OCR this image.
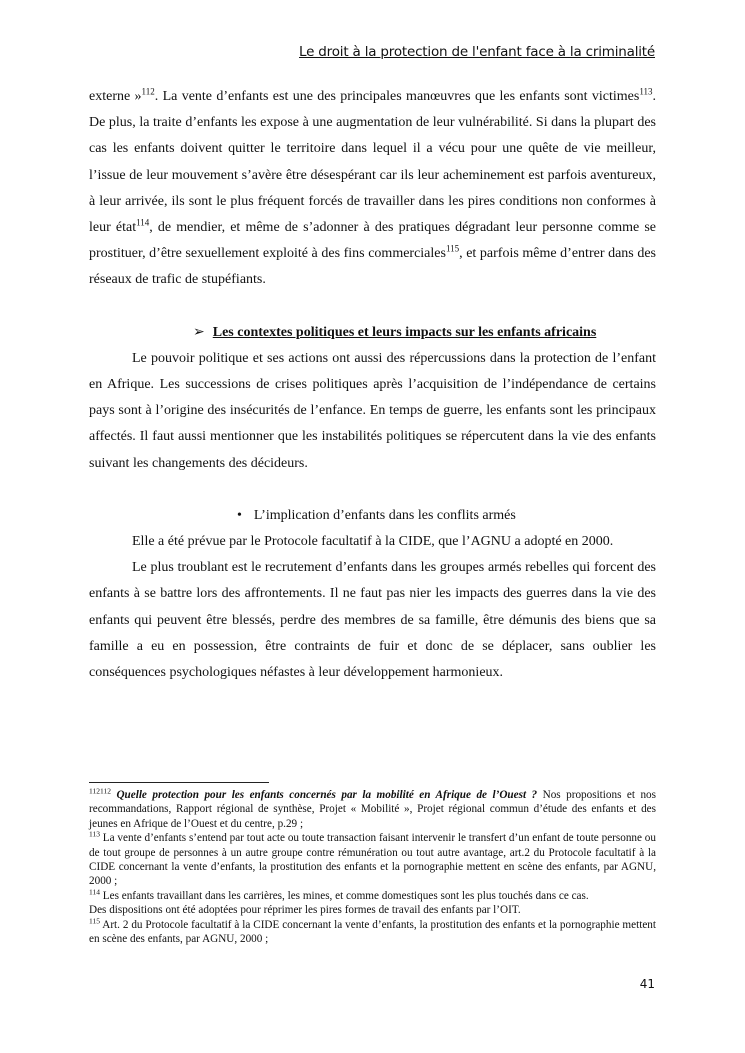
Le droit à la protection de l'enfant face à la criminalité

externe »$^{112}$. La vente d’enfants est une des principales manœuvres que les enfants sont victimes$^{113}$. De plus, la traite d’enfants les expose à une augmentation de leur vulnérabilité. Si dans la plupart des cas les enfants doivent quitter le territoire dans lequel il a vécu pour une quête de vie meilleur, l’issue de leur mouvement s’avère être désespérant car ils leur acheminement est parfois aventureux, à leur arrivée, ils sont le plus fréquent forcés de travailler dans les pires conditions non conformes à leur état$^{114}$, de mendier, et même de s’adonner à des pratiques dégradant leur personne comme se prostituer, d’être sexuellement exploité à des fins commerciales$^{115}$, et parfois même d’entrer dans des réseaux de trafic de stupéfiants.

➢ Les contextes politiques et leurs impacts sur les enfants africains

Le pouvoir politique et ses actions ont aussi des répercussions dans la protection de l’enfant en Afrique. Les successions de crises politiques après l’acquisition de l’indépendance de certains pays sont à l’origine des insécurités de l’enfance. En temps de guerre, les enfants sont les principaux affectés. Il faut aussi mentionner que les instabilités politiques se répercutent dans la vie des enfants suivant les changements des décideurs.

• L’implication d’enfants dans les conflits armés

Elle a été prévue par le Protocole facultatif à la CIDE, que l’AGNU a adopté en 2000.

Le plus troublant est le recrutement d’enfants dans les groupes armés rebelles qui forcent des enfants à se battre lors des affrontements. Il ne faut pas nier les impacts des guerres dans la vie des enfants qui peuvent être blessés, perdre des membres de sa famille, être démunis des biens que sa famille a eu en possession, être contraints de fuir et donc de se déplacer, sans oublier les conséquences psychologiques néfastes à leur développement harmonieux.

$^{112112}$ Quelle protection pour les enfants concernés par la mobilité en Afrique de l’Ouest ? Nos propositions et nos recommandations, Rapport régional de synthèse, Projet « Mobilité », Projet régional commun d’étude des enfants et des jeunes en Afrique de l’Ouest et du centre, p.29 ;

$^{113}$ La vente d’enfants s’entend par tout acte ou toute transaction faisant intervenir le transfert d’un enfant de toute personne ou de tout groupe de personnes à un autre groupe contre rémunération ou tout autre avantage, art.2 du Protocole facultatif à la CIDE concernant la vente d’enfants, la prostitution des enfants et la pornographie mettent en scène des enfants, par AGNU, 2000 ;

$^{114}$ Les enfants travaillant dans les carrières, les mines, et comme domestiques sont les plus touchés dans ce cas.

Des dispositions ont été adoptées pour réprimer les pires formes de travail des enfants par l’OIT.

$^{115}$ Art. 2 du Protocole facultatif à la CIDE concernant la vente d’enfants, la prostitution des enfants et la pornographie mettent en scène des enfants, par AGNU, 2000 ;

41
